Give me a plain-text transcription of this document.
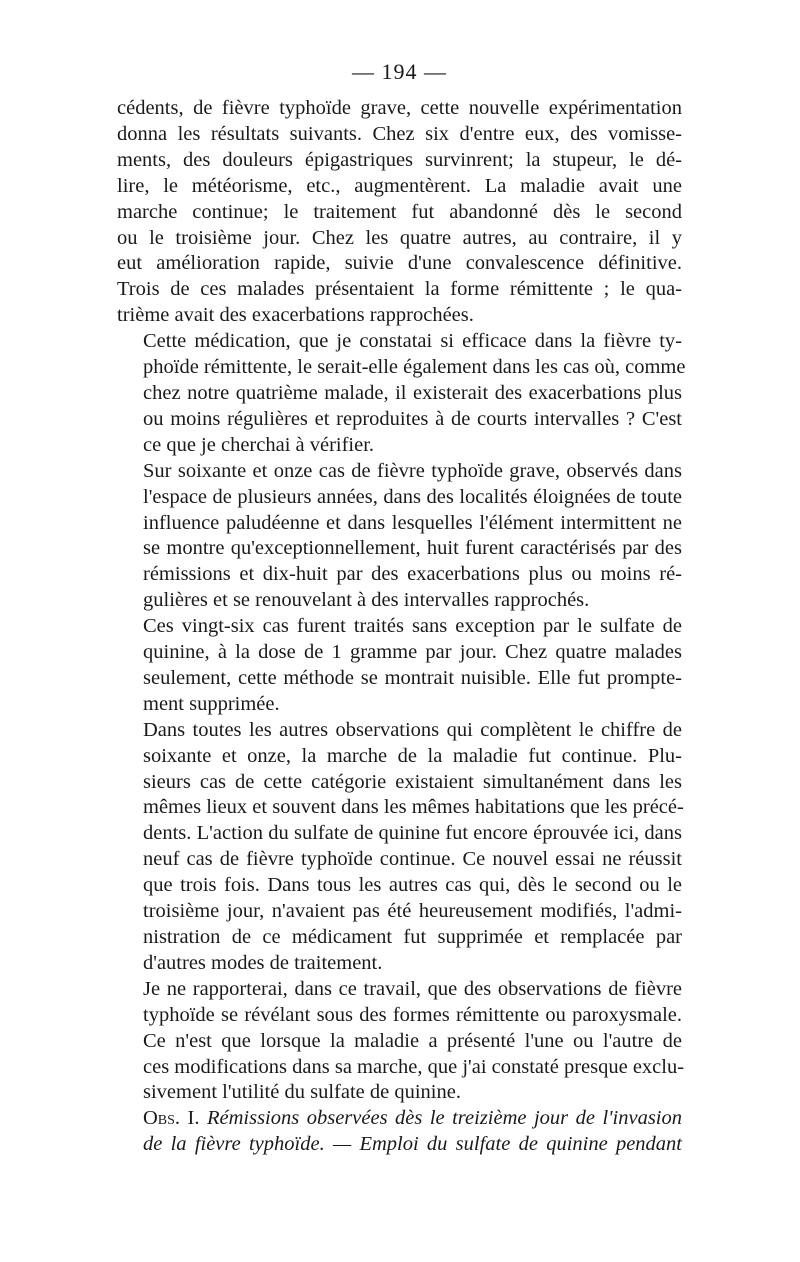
— 194 —

cédents, de fièvre typhoïde grave, cette nouvelle expérimentation
donna les résultats suivants. Chez six d'entre eux, des vomisse-
ments, des douleurs épigastriques survinrent; la stupeur, le dé-
lire, le météorisme, etc., augmentèrent. La maladie avait une
marche continue; le traitement fut abandonné dès le second
ou le troisième jour. Chez les quatre autres, au contraire, il y
eut amélioration rapide, suivie d'une convalescence définitive.
Trois de ces malades présentaient la forme rémittente ; le qua-
trième avait des exacerbations rapprochées.

Cette médication, que je constatai si efficace dans la fièvre ty-
phoïde rémittente, le serait-elle également dans les cas où, comme
chez notre quatrième malade, il existerait des exacerbations plus
ou moins régulières et reproduites à de courts intervalles ? C'est
ce que je cherchai à vérifier.

Sur soixante et onze cas de fièvre typhoïde grave, observés dans
l'espace de plusieurs années, dans des localités éloignées de toute
influence paludéenne et dans lesquelles l'élément intermittent ne
se montre qu'exceptionnellement, huit furent caractérisés par des
rémissions et dix-huit par des exacerbations plus ou moins ré-
gulières et se renouvelant à des intervalles rapprochés.

Ces vingt-six cas furent traités sans exception par le sulfate de
quinine, à la dose de 1 gramme par jour. Chez quatre malades
seulement, cette méthode se montrait nuisible. Elle fut prompte-
ment supprimée.

Dans toutes les autres observations qui complètent le chiffre de
soixante et onze, la marche de la maladie fut continue. Plu-
sieurs cas de cette catégorie existaient simultanément dans les
mêmes lieux et souvent dans les mêmes habitations que les précé-
dents. L'action du sulfate de quinine fut encore éprouvée ici, dans
neuf cas de fièvre typhoïde continue. Ce nouvel essai ne réussit
que trois fois. Dans tous les autres cas qui, dès le second ou le
troisième jour, n'avaient pas été heureusement modifiés, l'admi-
nistration de ce médicament fut supprimée et remplacée par
d'autres modes de traitement.

Je ne rapporterai, dans ce travail, que des observations de fièvre
typhoïde se révélant sous des formes rémittente ou paroxysmale.
Ce n'est que lorsque la maladie a présenté l'une ou l'autre de
ces modifications dans sa marche, que j'ai constaté presque exclu-
sivement l'utilité du sulfate de quinine.

Obs. I. Rémissions observées dès le treizième jour de l'invasion
de la fièvre typhoïde. — Emploi du sulfate de quinine pendant
